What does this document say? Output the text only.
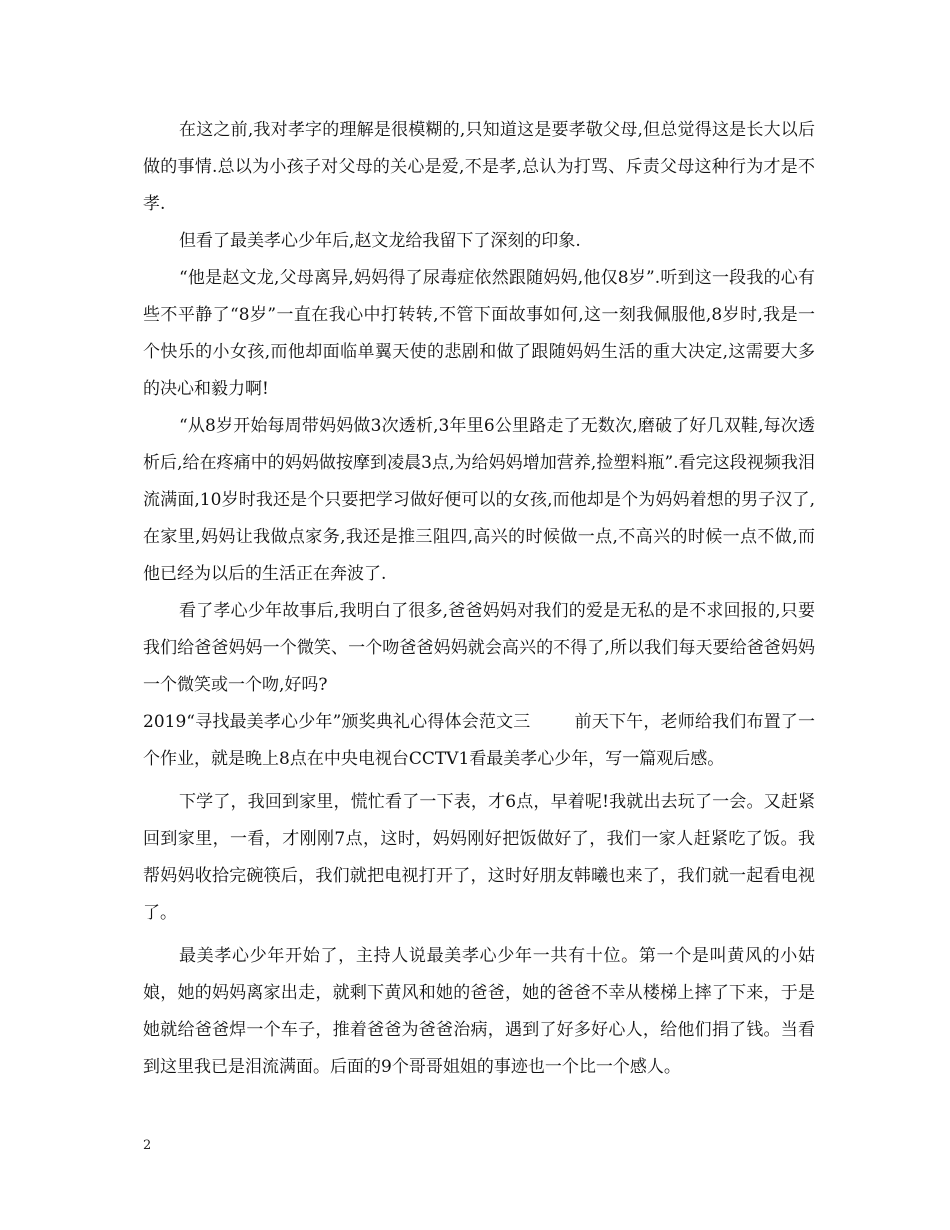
在这之前,我对孝字的理解是很模糊的,只知道这是要孝敬父母,但总觉得这是长大以后做的事情.总以为小孩子对父母的关心是爱,不是孝,总认为打骂、斥责父母这种行为才是不孝.

但看了最美孝心少年后,赵文龙给我留下了深刻的印象.

“他是赵文龙,父母离异,妈妈得了尿毒症依然跟随妈妈,他仅8岁”.听到这一段我的心有些不平静了“8岁”一直在我心中打转转,不管下面故事如何,这一刻我佩服他,8岁时,我是一个快乐的小女孩,而他却面临单翼天使的悲剧和做了跟随妈妈生活的重大决定,这需要大多的决心和毅力啊!

“从8岁开始每周带妈妈做3次透析,3年里6公里路走了无数次,磨破了好几双鞋,每次透析后,给在疼痛中的妈妈做按摩到凌晨3点,为给妈妈增加营养,捡塑料瓶”.看完这段视频我泪流满面,10岁时我还是个只要把学习做好便可以的女孩,而他却是个为妈妈着想的男子汉了,在家里,妈妈让我做点家务,我还是推三阻四,高兴的时候做一点,不高兴的时候一点不做,而他已经为以后的生活正在奔波了.

看了孝心少年故事后,我明白了很多,爸爸妈妈对我们的爱是无私的是不求回报的,只要我们给爸爸妈妈一个微笑、一个吻爸爸妈妈就会高兴的不得了,所以我们每天要给爸爸妈妈一个微笑或一个吻,好吗?

2019“寻找最美孝心少年”颁奖典礼心得体会范文三	前天下午，老师给我们布置了一个作业，就是晚上8点在中央电视台CCTV1看最美孝心少年，写一篇观后感。

下学了，我回到家里，慌忙看了一下表，才6点，早着呢!我就出去玩了一会。又赶紧回到家里，一看，才刚刚7点，这时，妈妈刚好把饭做好了，我们一家人赶紧吃了饭。我帮妈妈收拾完碗筷后，我们就把电视打开了，这时好朋友韩曦也来了，我们就一起看电视了。

最美孝心少年开始了，主持人说最美孝心少年一共有十位。第一个是叫黄风的小姑娘，她的妈妈离家出走，就剩下黄风和她的爸爸，她的爸爸不幸从楼梯上摔了下来，于是她就给爸爸焊一个车子，推着爸爸为爸爸治病，遇到了好多好心人，给他们捐了钱。当看到这里我已是泪流满面。后面的9个哥哥姐姐的事迹也一个比一个感人。

2
